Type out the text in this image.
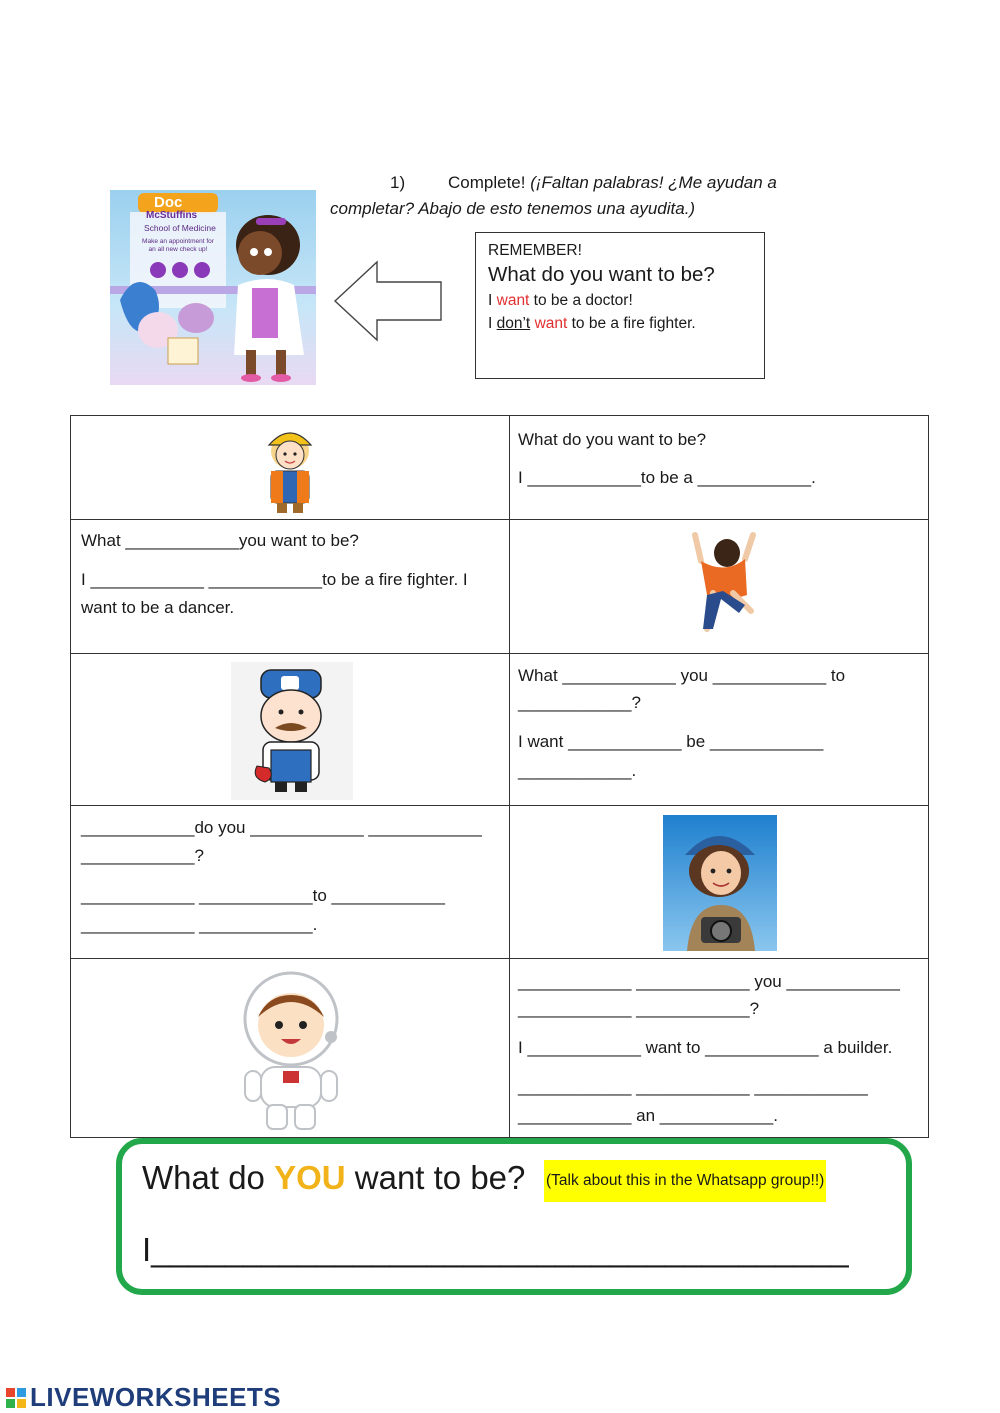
1)	Complete! (¡Faltan palabras! ¿Me ayudan a
completar? Abajo de esto tenemos una ayudita.)
Doc
McStuffins
School of Medicine
Make an appointment for an all new check up!	REMEMBER!
What do you want to be?
I want to be a doctor!
I don’t want to be a fire fighter.
What do you want to be?
I ____________to be a ____________.
What ____________you want to be?
I ____________ ____________to be a fire fighter. I
want to be a dancer.
What ____________ you ____________ to
____________?
I want ____________ be ____________
____________.
____________do you ____________ ____________
____________?
____________ ____________to ____________
____________ ____________.
____________ ____________ you ____________
____________ ____________?
I ____________ want to ____________ a builder.
____________ ____________ ____________
____________ an ____________.
What do YOU want to be? (Talk about this in the Whatsapp group!!)
I______________________________________
LIVEWORKSHEETS
